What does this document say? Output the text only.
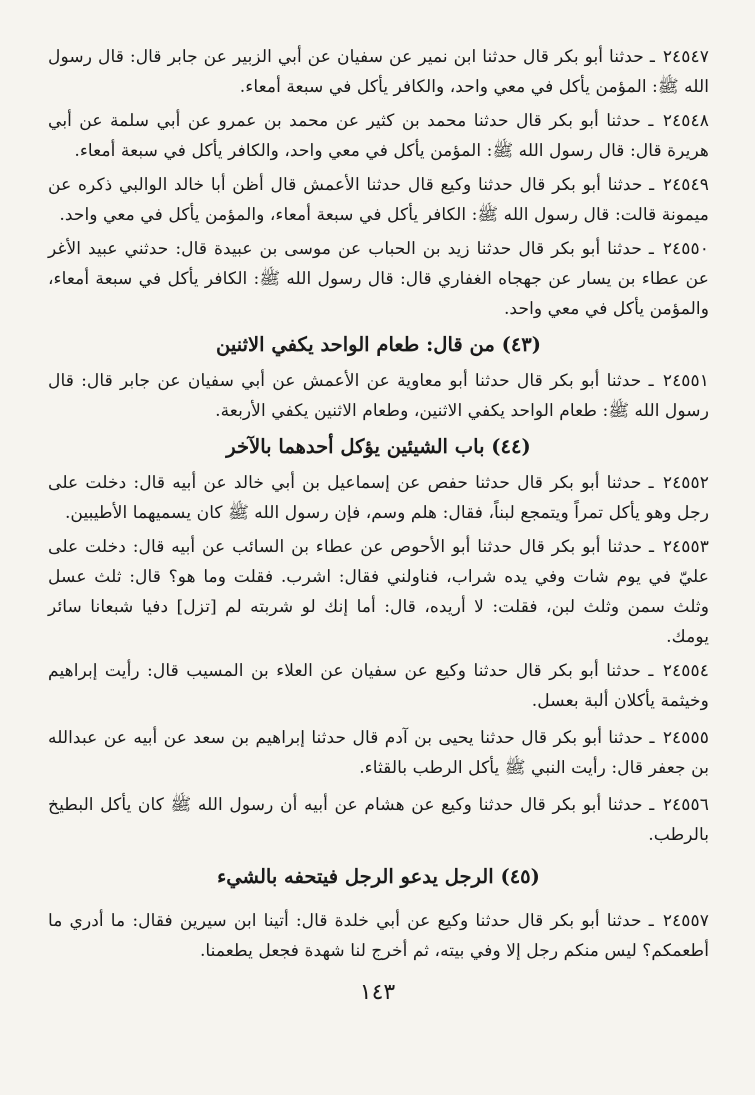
٢٤٥٤٧ ـ حدثنا أبو بكر قال حدثنا ابن نمير عن سفيان عن أبي الزبير عن جابر قال: قال رسول الله ﷺ: المؤمن يأكل في معي واحد، والكافر يأكل في سبعة أمعاء.

٢٤٥٤٨ ـ حدثنا أبو بكر قال حدثنا محمد بن كثير عن محمد بن عمرو عن أبي سلمة عن أبي هريرة قال: قال رسول الله ﷺ: المؤمن يأكل في معي واحد، والكافر يأكل في سبعة أمعاء.

٢٤٥٤٩ ـ حدثنا أبو بكر قال حدثنا وكيع قال حدثنا الأعمش قال أظن أبا خالد الوالبي ذكره عن ميمونة قالت: قال رسول الله ﷺ: الكافر يأكل في سبعة أمعاء، والمؤمن يأكل في معي واحد.

٢٤٥٥٠ ـ حدثنا أبو بكر قال حدثنا زيد بن الحباب عن موسى بن عبيدة قال: حدثني عبيد الأغر عن عطاء بن يسار عن جهجاه الغفاري قال: قال رسول الله ﷺ: الكافر يأكل في سبعة أمعاء، والمؤمن يأكل في معي واحد.

(٤٣) من قال: طعام الواحد يكفي الاثنين

٢٤٥٥١ ـ حدثنا أبو بكر قال حدثنا أبو معاوية عن الأعمش عن أبي سفيان عن جابر قال: قال رسول الله ﷺ: طعام الواحد يكفي الاثنين، وطعام الاثنين يكفي الأربعة.

(٤٤) باب الشيئين يؤكل أحدهما بالآخر

٢٤٥٥٢ ـ حدثنا أبو بكر قال حدثنا حفص عن إسماعيل بن أبي خالد عن أبيه قال: دخلت على رجل وهو يأكل تمراً ويتمجع لبناً، فقال: هلم وسم، فإن رسول الله ﷺ كان يسميهما الأطيبين.

٢٤٥٥٣ ـ حدثنا أبو بكر قال حدثنا أبو الأحوص عن عطاء بن السائب عن أبيه قال: دخلت على عليّ في يوم شات وفي يده شراب، فناولني فقال: اشرب. فقلت وما هو؟ قال: ثلث عسل وثلث سمن وثلث لبن، فقلت: لا أريده، قال: أما إنك لو شربته لم [تزل] دفيا شبعانا سائر يومك.

٢٤٥٥٤ ـ حدثنا أبو بكر قال حدثنا وكيع عن سفيان عن العلاء بن المسيب قال: رأيت إبراهيم وخيثمة يأكلان ألبة بعسل.

٢٤٥٥٥ ـ حدثنا أبو بكر قال حدثنا يحيى بن آدم قال حدثنا إبراهيم بن سعد عن أبيه عن عبدالله بن جعفر قال: رأيت النبي ﷺ يأكل الرطب بالقثاء.

٢٤٥٥٦ ـ حدثنا أبو بكر قال حدثنا وكيع عن هشام عن أبيه أن رسول الله ﷺ كان يأكل البطيخ بالرطب.

(٤٥) الرجل يدعو الرجل فيتحفه بالشيء

٢٤٥٥٧ ـ حدثنا أبو بكر قال حدثنا وكيع عن أبي خلدة قال: أتينا ابن سيرين فقال: ما أدري ما أطعمكم؟ ليس منكم رجل إلا وفي بيته، ثم أخرج لنا شهدة فجعل يطعمنا.

١٤٣
